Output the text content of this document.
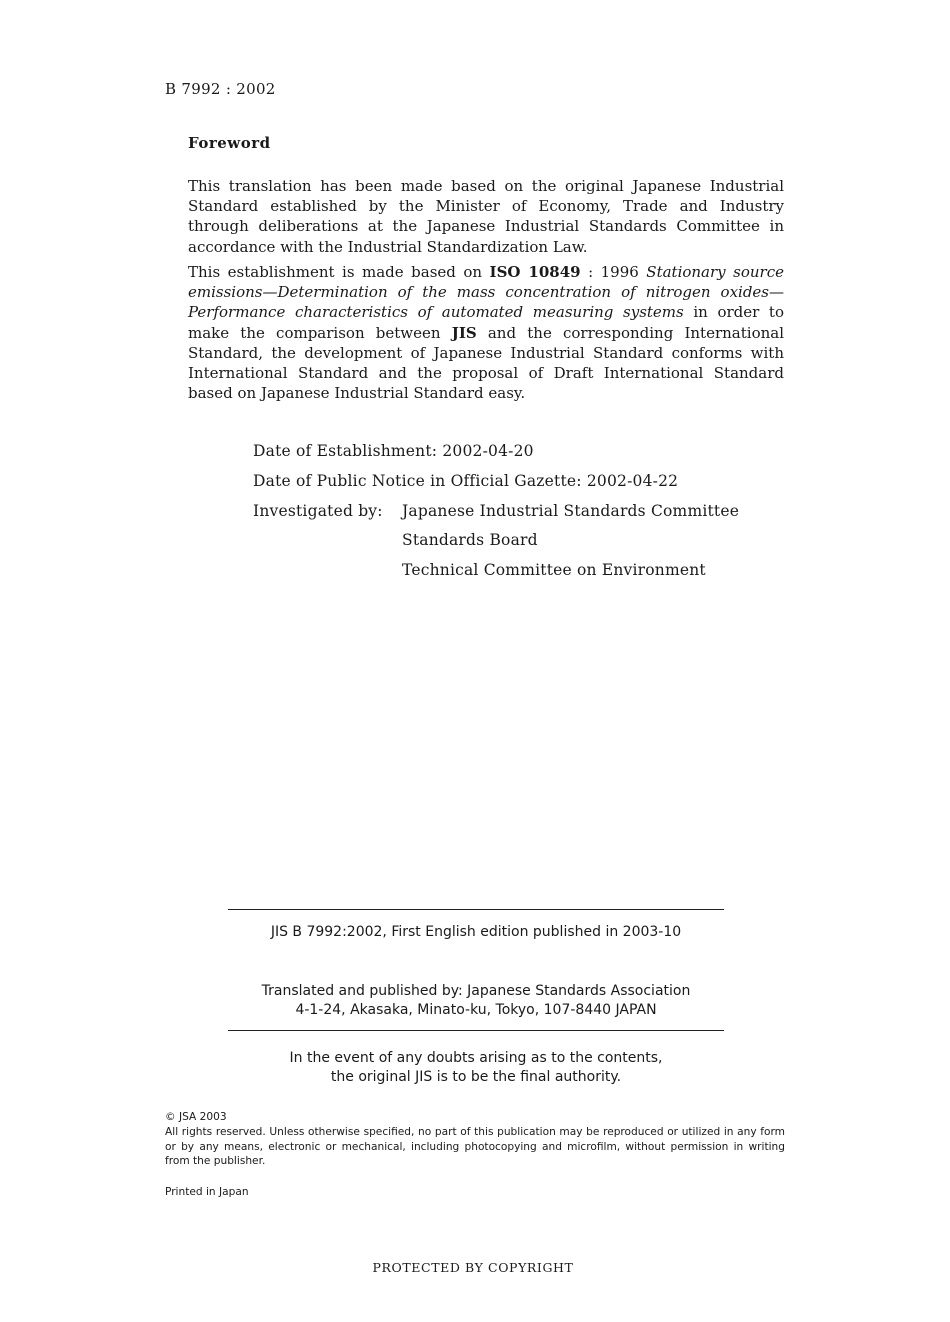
B 7992 : 2002
Foreword
This translation has been made based on the original Japanese Industrial Standard established by the Minister of Economy, Trade and Industry through deliberations at the Japanese Industrial Standards Committee in accordance with the Industrial Standardization Law.
This establishment is made based on ISO 10849 : 1996 Stationary source emissions—Determination of the mass concentration of nitrogen oxides—Performance characteristics of automated measuring systems in order to make the comparison between JIS and the corresponding International Standard, the development of Japanese Industrial Standard conforms with International Standard and the proposal of Draft International Standard based on Japanese Industrial Standard easy.
Date of Establishment: 2002-04-20
Date of Public Notice in Official Gazette: 2002-04-22
Investigated by: Japanese Industrial Standards Committee
Standards Board
Technical Committee on Environment
JIS B 7992:2002, First English edition published in 2003-10
Translated and published by: Japanese Standards Association
4-1-24, Akasaka, Minato-ku, Tokyo, 107-8440 JAPAN
In the event of any doubts arising as to the contents,
the original JIS is to be the final authority.
© JSA 2003
All rights reserved. Unless otherwise specified, no part of this publication may be reproduced or utilized in any form or by any means, electronic or mechanical, including photocopying and microfilm, without permission in writing from the publisher.
Printed in Japan
PROTECTED BY COPYRIGHT
